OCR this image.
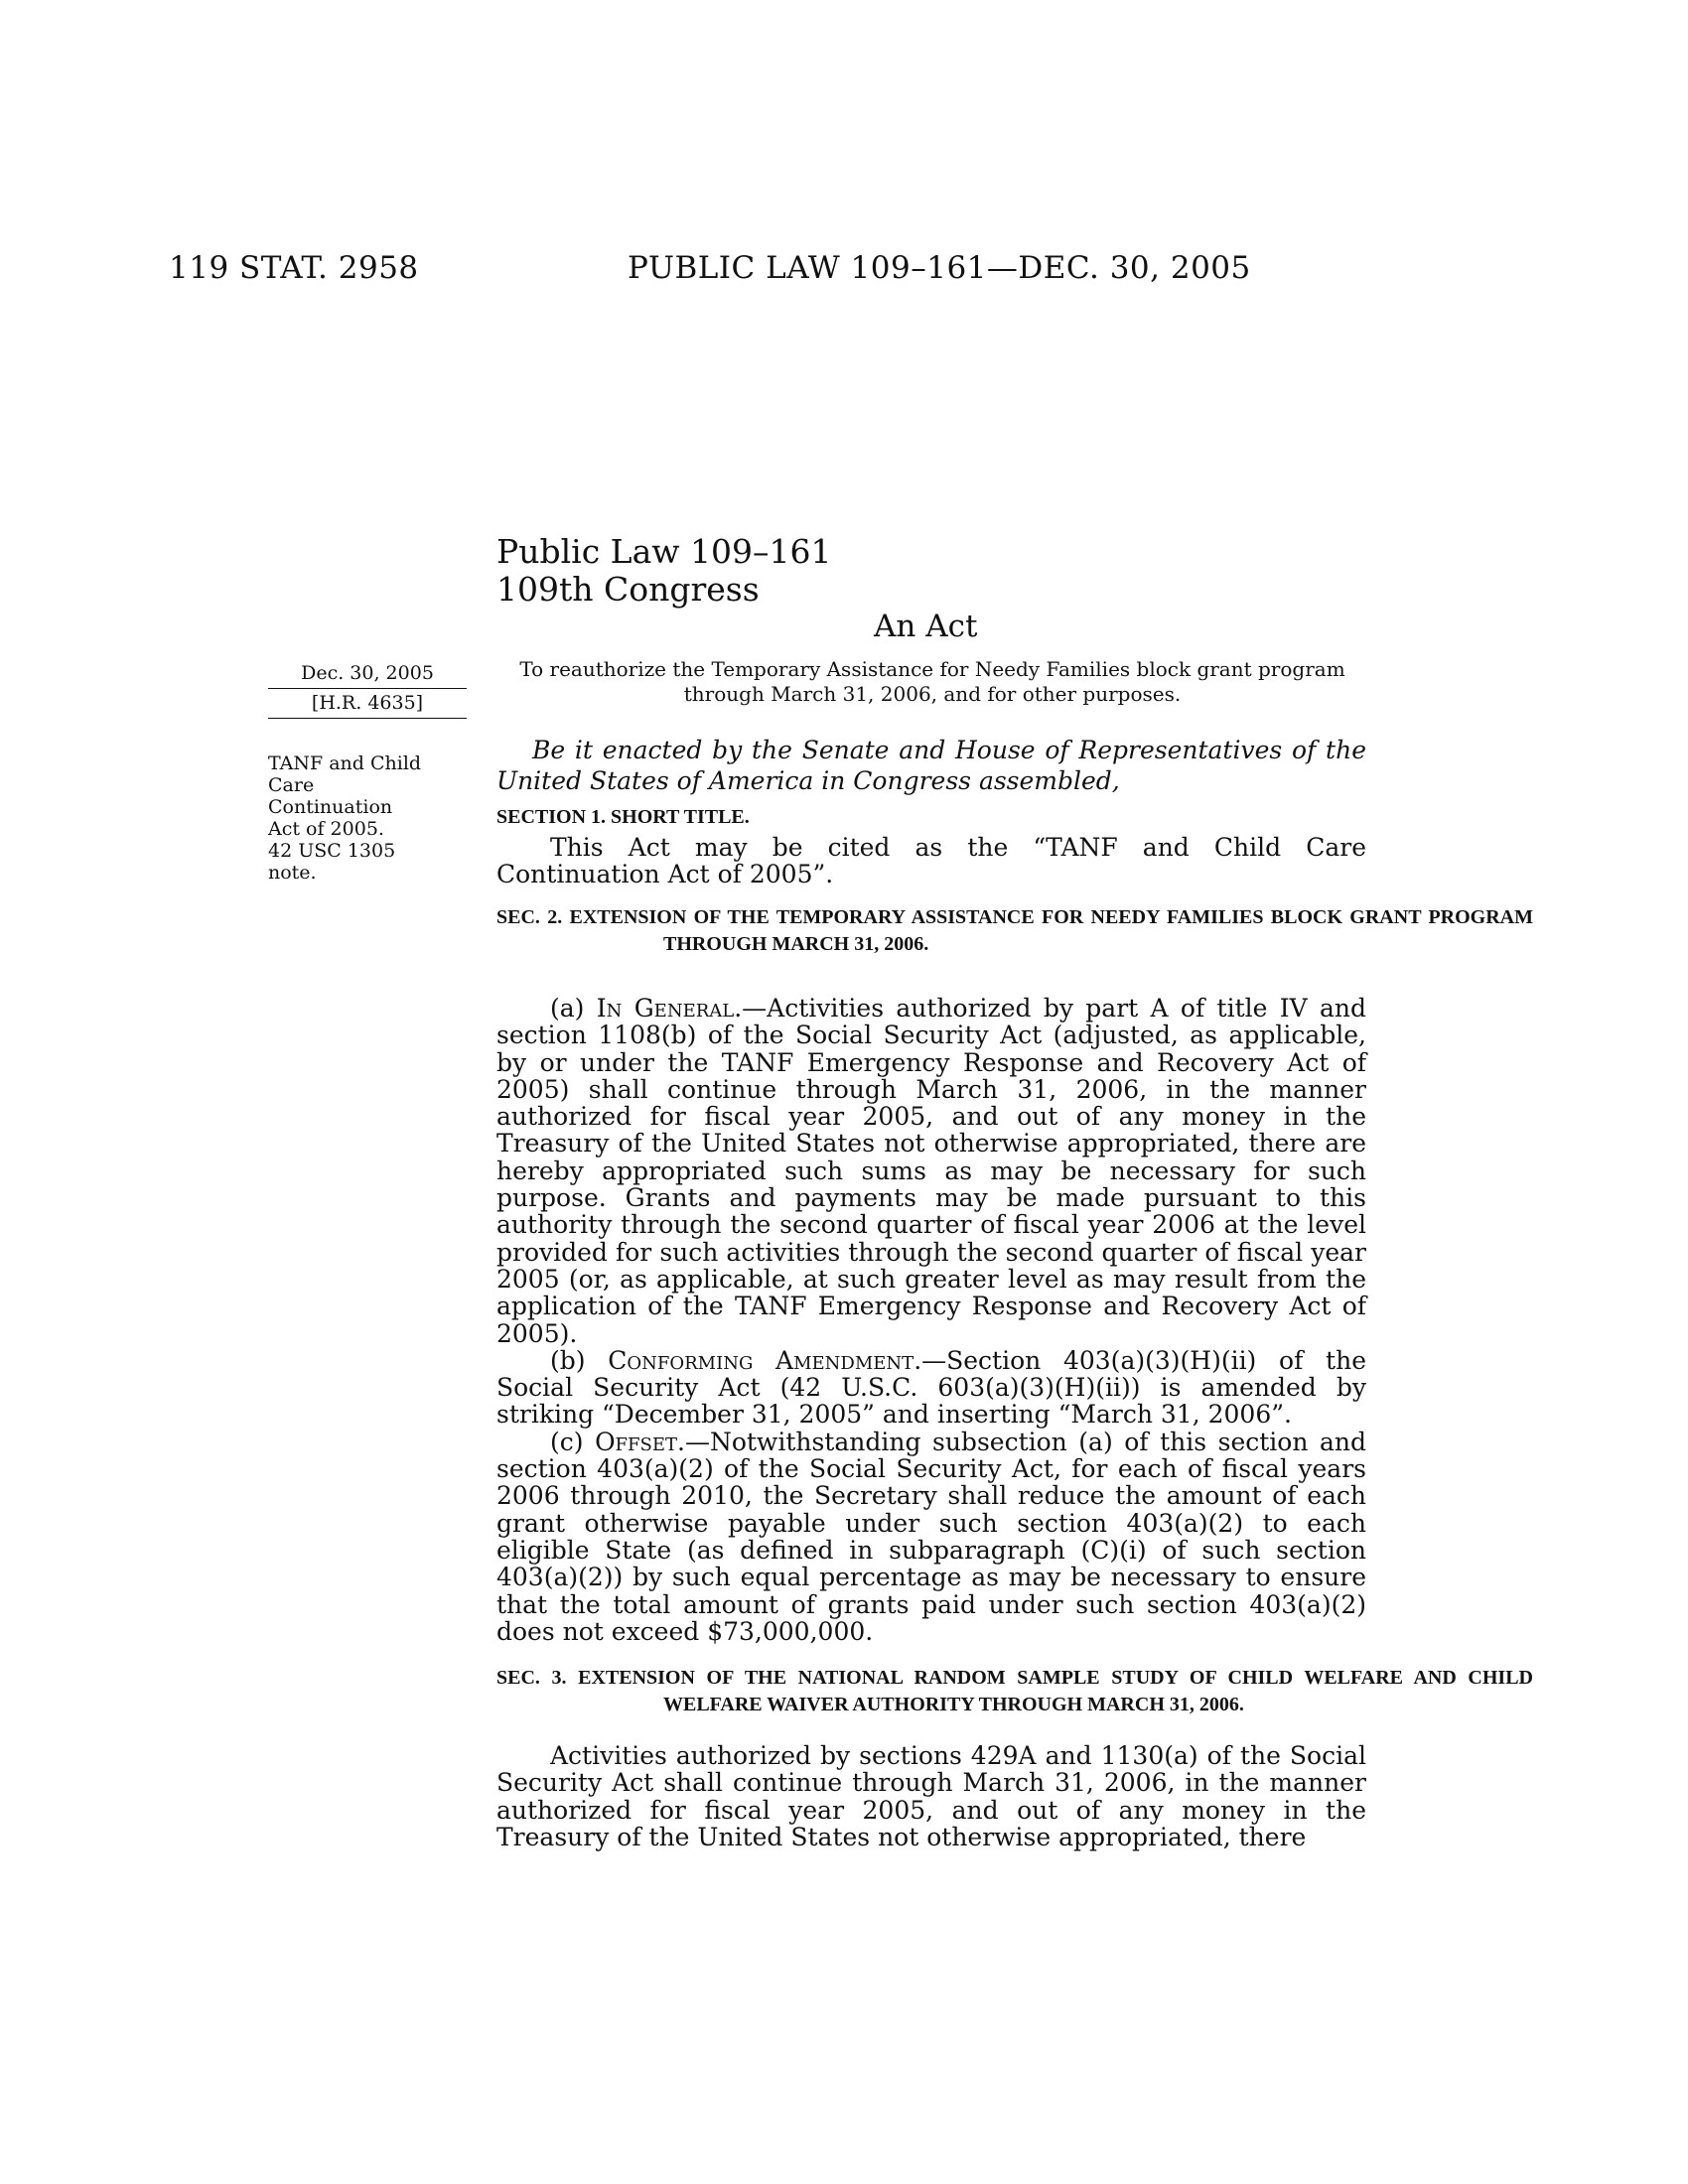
119 STAT. 2958	PUBLIC LAW 109–161—DEC. 30, 2005
Public Law 109–161
109th Congress
An Act
Dec. 30, 2005
[H.R. 4635]
TANF and Child
Care
Continuation
Act of 2005.
42 USC 1305
note.
To reauthorize the Temporary Assistance for Needy Families block grant program
through March 31, 2006, and for other purposes.
Be it enacted by the Senate and House of Representatives of the United States of America in Congress assembled,
SECTION 1. SHORT TITLE.

This Act may be cited as the “TANF and Child Care Continuation Act of 2005”.

SEC. 2. EXTENSION OF THE TEMPORARY ASSISTANCE FOR NEEDY FAMILIES BLOCK GRANT PROGRAM THROUGH MARCH 31, 2006.

(a) In General.—Activities authorized by part A of title IV and section 1108(b) of the Social Security Act (adjusted, as applicable, by or under the TANF Emergency Response and Recovery Act of 2005) shall continue through March 31, 2006, in the manner authorized for fiscal year 2005, and out of any money in the Treasury of the United States not otherwise appropriated, there are hereby appropriated such sums as may be necessary for such purpose. Grants and payments may be made pursuant to this authority through the second quarter of fiscal year 2006 at the level provided for such activities through the second quarter of fiscal year 2005 (or, as applicable, at such greater level as may result from the application of the TANF Emergency Response and Recovery Act of 2005).

(b) Conforming Amendment.—Section 403(a)(3)(H)(ii) of the Social Security Act (42 U.S.C. 603(a)(3)(H)(ii)) is amended by striking “December 31, 2005” and inserting “March 31, 2006”.

(c) Offset.—Notwithstanding subsection (a) of this section and section 403(a)(2) of the Social Security Act, for each of fiscal years 2006 through 2010, the Secretary shall reduce the amount of each grant otherwise payable under such section 403(a)(2) to each eligible State (as defined in subparagraph (C)(i) of such section 403(a)(2)) by such equal percentage as may be necessary to ensure that the total amount of grants paid under such section 403(a)(2) does not exceed $73,000,000.

SEC. 3. EXTENSION OF THE NATIONAL RANDOM SAMPLE STUDY OF CHILD WELFARE AND CHILD WELFARE WAIVER AUTHORITY THROUGH MARCH 31, 2006.

Activities authorized by sections 429A and 1130(a) of the Social Security Act shall continue through March 31, 2006, in the manner authorized for fiscal year 2005, and out of any money in the Treasury of the United States not otherwise appropriated, there
